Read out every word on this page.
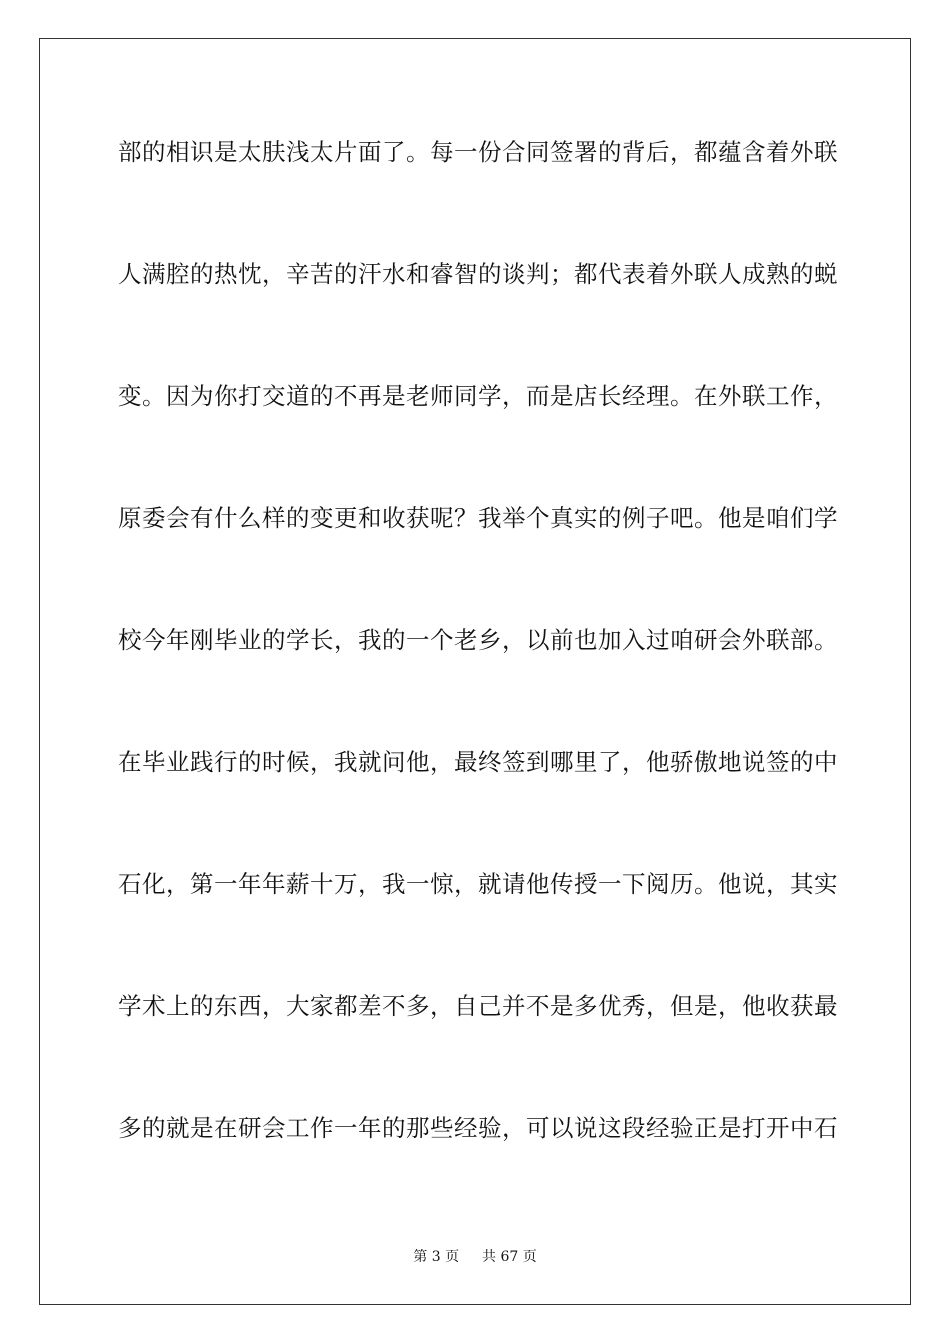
部的相识是太肤浅太片面了。每一份合同签署的背后，都蕴含着外联
人满腔的热忱，辛苦的汗水和睿智的谈判；都代表着外联人成熟的蜕
变。因为你打交道的不再是老师同学，而是店长经理。在外联工作，
原委会有什么样的变更和收获呢？我举个真实的例子吧。他是咱们学
校今年刚毕业的学长，我的一个老乡，以前也加入过咱研会外联部。
在毕业践行的时候，我就问他，最终签到哪里了，他骄傲地说签的中
石化，第一年年薪十万，我一惊，就请他传授一下阅历。他说，其实
学术上的东西，大家都差不多，自己并不是多优秀，但是，他收获最
多的就是在研会工作一年的那些经验，可以说这段经验正是打开中石
第 3 页 共 67 页
